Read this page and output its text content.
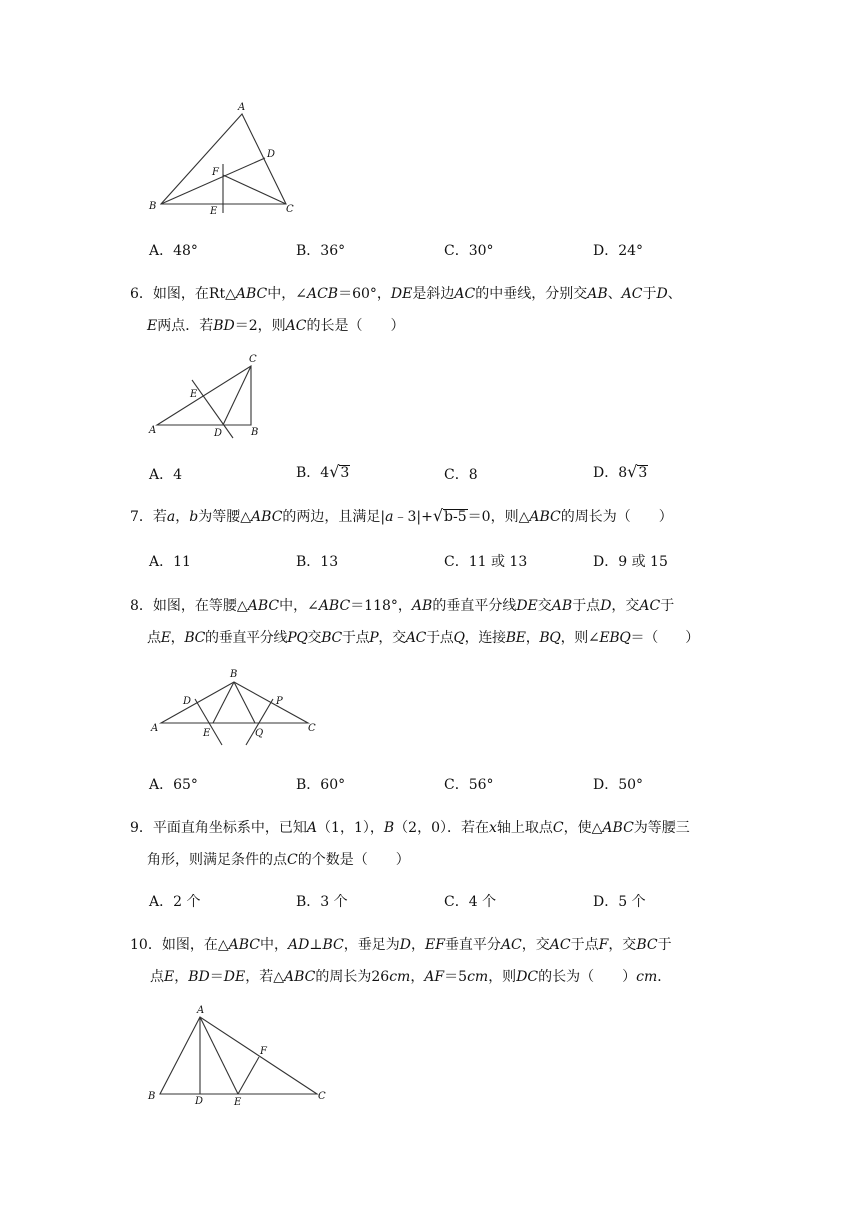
A
D
F
B	E	C
A．48°	B．36°	C．30°	D．24°
6．如图，在Rt△ABC中，∠ACB＝60°，DE是斜边AC的中垂线，分别交AB、AC于D、
E两点．若BD＝2，则AC的长是（　　）
C
E
A	D	B
A．4	B．4√3	C．8	D．8√3
7．若a，b为等腰△ABC的两边，且满足|a﹣3|+√b-5＝0，则△ABC的周长为（　　）
A．11	B．13	C．11 或 13	D．9 或 15
8．如图，在等腰△ABC中，∠ABC＝118°，AB的垂直平分线DE交AB于点D，交AC于
点E，BC的垂直平分线PQ交BC于点P，交AC于点Q，连接BE，BQ，则∠EBQ＝（　　）
B
D	P
A	E	Q	C
A．65°	B．60°	C．56°	D．50°
9．平面直角坐标系中，已知A（1，1），B（2，0）．若在x轴上取点C，使△ABC为等腰三
角形，则满足条件的点C的个数是（　　）
A．2 个	B．3 个	C．4 个	D．5 个
10．如图，在△ABC中，AD⊥BC，垂足为D，EF垂直平分AC，交AC于点F，交BC于
点E，BD＝DE，若△ABC的周长为26cm，AF＝5cm，则DC的长为（　　）cm．
A
F
B	D	E
C
